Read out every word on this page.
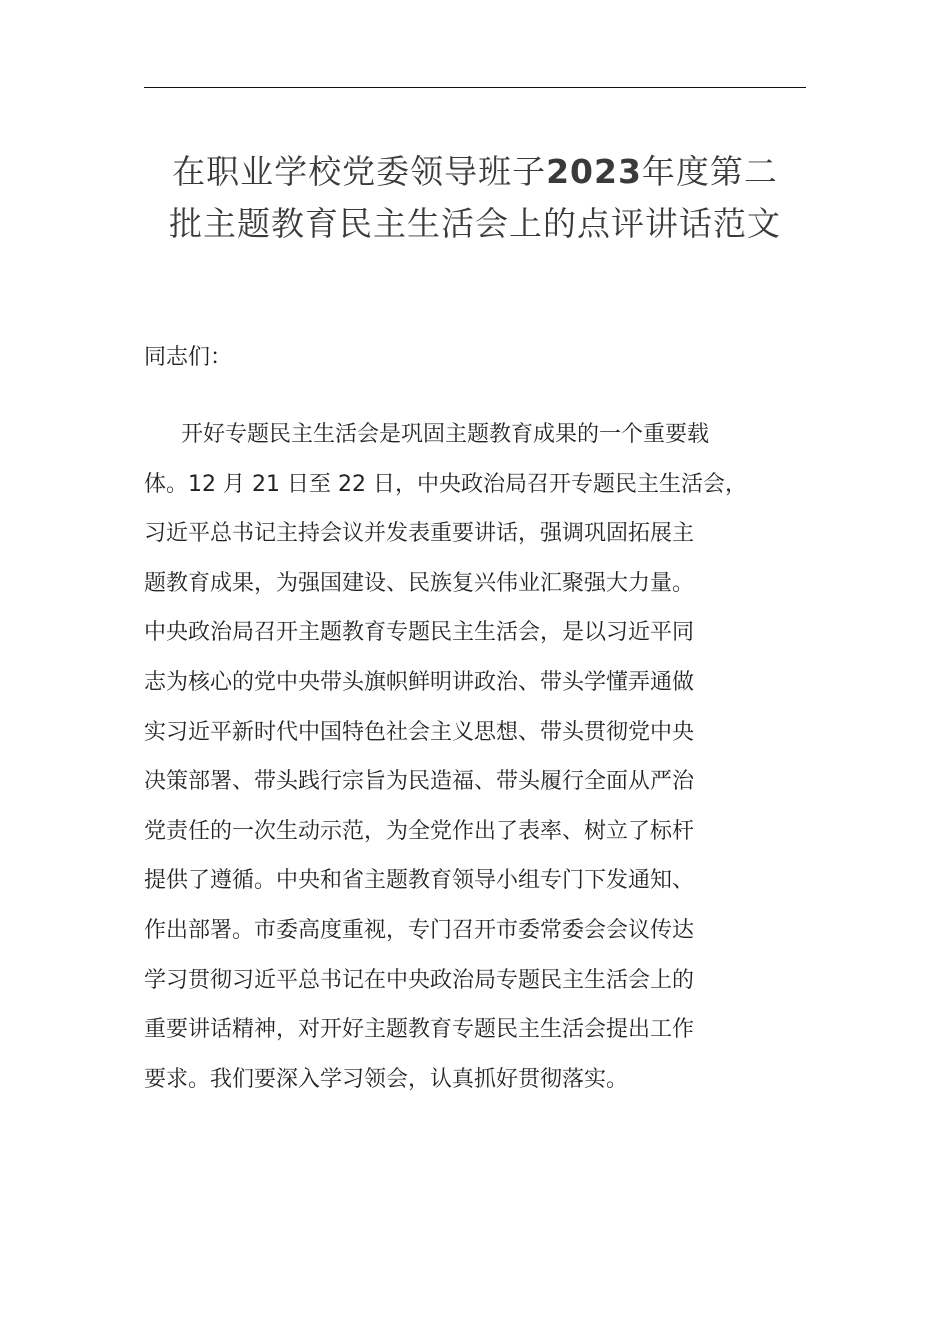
在职业学校党委领导班子2023年度第二
批主题教育民主生活会上的点评讲话范文
同志们：
开好专题民主生活会是巩固主题教育成果的一个重要载
体。12 月 21 日至 22 日，中央政治局召开专题民主生活会，
习近平总书记主持会议并发表重要讲话，强调巩固拓展主
题教育成果，为强国建设、民族复兴伟业汇聚强大力量。
中央政治局召开主题教育专题民主生活会，是以习近平同
志为核心的党中央带头旗帜鲜明讲政治、带头学懂弄通做
实习近平新时代中国特色社会主义思想、带头贯彻党中央
决策部署、带头践行宗旨为民造福、带头履行全面从严治
党责任的一次生动示范，为全党作出了表率、树立了标杆
提供了遵循。中央和省主题教育领导小组专门下发通知、
作出部署。市委高度重视，专门召开市委常委会会议传达
学习贯彻习近平总书记在中央政治局专题民主生活会上的
重要讲话精神，对开好主题教育专题民主生活会提出工作
要求。我们要深入学习领会，认真抓好贯彻落实。
